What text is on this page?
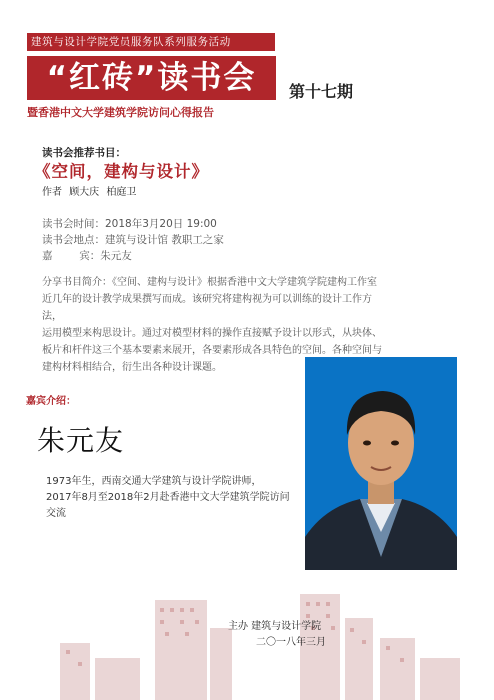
建筑与设计学院党员服务队系列服务活动
“红砖”读书会	第十七期
暨香港中文大学建筑学院访问心得报告
读书会推荐书目：
《空间，建构与设计》
作者 顾大庆 柏庭卫
读书会时间：2018年3月20日 19:00
读书会地点：建筑与设计馆 教职工之家
嘉        宾：朱元友
分享书目简介：《空间、建构与设计》根据香港中文大学建筑学院建构工作室
近几年的设计教学成果撰写而成。该研究将建构视为可以训练的设计工作方法，
运用模型来构思设计。通过对模型材料的操作直接赋予设计以形式，从块体、
板片和杆件这三个基本要素来展开，各要素形成各具特色的空间。各种空间与
建构材料相结合，衍生出各种设计课题。
嘉宾介绍：
朱元友
1973年生，西南交通大学建筑与设计学院讲师，
2017年8月至2018年2月赴香港中文大学建筑学院访问
交流
主办 建筑与设计学院
二〇一八年三月
